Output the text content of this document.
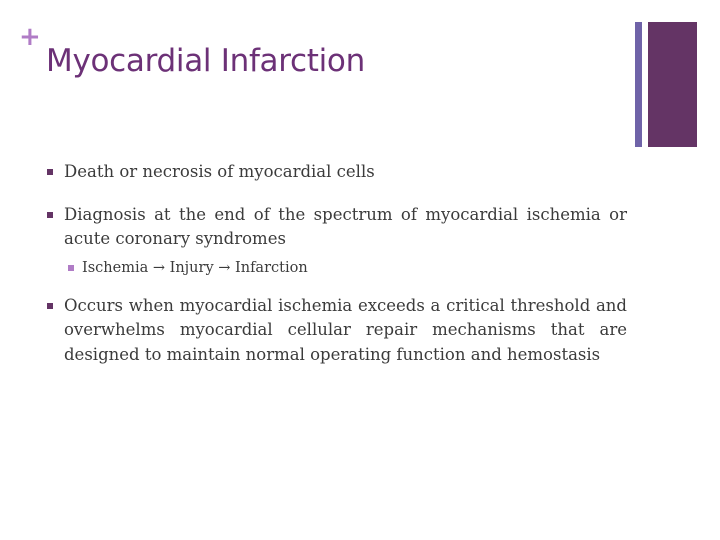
+
Myocardial Infarction
Death or necrosis of myocardial cells
Diagnosis at the end of the spectrum of myocardial ischemia or acute coronary syndromes
Ischemia → Injury → Infarction
Occurs when myocardial ischemia exceeds a critical threshold and overwhelms myocardial cellular repair mechanisms that are designed to maintain normal operating function and hemostasis
